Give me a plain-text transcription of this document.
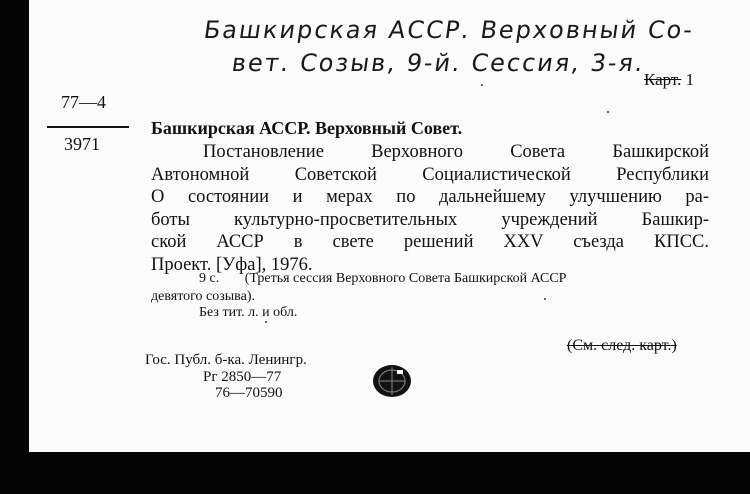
Башкирская АССР. Верховный Со-
вет. Созыв, 9-й. Сессия, 3-я.
Карт. 1
77—4
3971
Башкирская АССР. Верховный Совет.
Постановление Верховного Совета Башкирской
Автономной Советской Социалистической Республики
О состоянии и мерах по дальнейшему улучшению ра-
боты культурно-просветительных учреждений Башкир-
ской АССР в свете решений XXV съезда КПСС.
Проект. [Уфа], 1976.
9 с. (Третья сессия Верховного Совета Башкирской АССР
девятого созыва).
Без тит. л. и обл.
(См. след. карт.)
Гос. Публ. б-ка. Ленингр.
Рг 2850—77
76—70590
